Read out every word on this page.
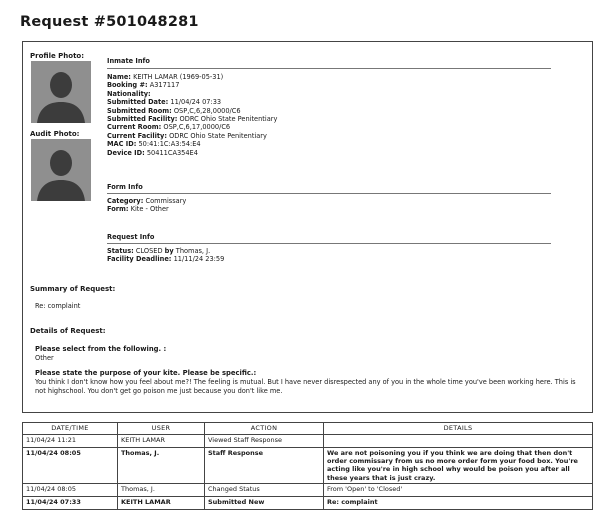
Request #501048281
Profile Photo:
Audit Photo:
Inmate Info
Name: KEITH LAMAR (1969-05-31)
Booking #: A317117
Nationality:
Submitted Date: 11/04/24 07:33
Submitted Room: OSP,C,6,28,0000/C6
Submitted Facility: ODRC Ohio State Penitentiary
Current Room: OSP,C,6,17,0000/C6
Current Facility: ODRC Ohio State Penitentiary
MAC ID: 50:41:1C:A3:54:E4
Device ID: 50411CA354E4
Form Info
Category: Commissary
Form: Kite - Other
Request Info
Status: CLOSED by Thomas, J.
Facility Deadline: 11/11/24 23:59
Summary of Request:
Re: complaint
Details of Request:
Please select from the following. :
Other
Please state the purpose of your kite. Please be specific.:
You think I don't know how you feel about me?! The feeling is mutual. But I have never disrespected any of you in the whole time you've been working here. This is not highschool. You don't get go poison me just because you don't like me.
DATE/TIME	USER	ACTION	DETAILS
11/04/24 11:21	KEITH LAMAR	Viewed Staff Response	
11/04/24 08:05	Thomas, J.	Staff Response	We are not poisoning you if you think we are doing that then don't order commissary from us no more order form your food box. You're acting like you're in high school why would be poison you after all these years that is just crazy.
11/04/24 08:05	Thomas, J.	Changed Status	From 'Open' to 'Closed'
11/04/24 07:33	KEITH LAMAR	Submitted New	Re: complaint
